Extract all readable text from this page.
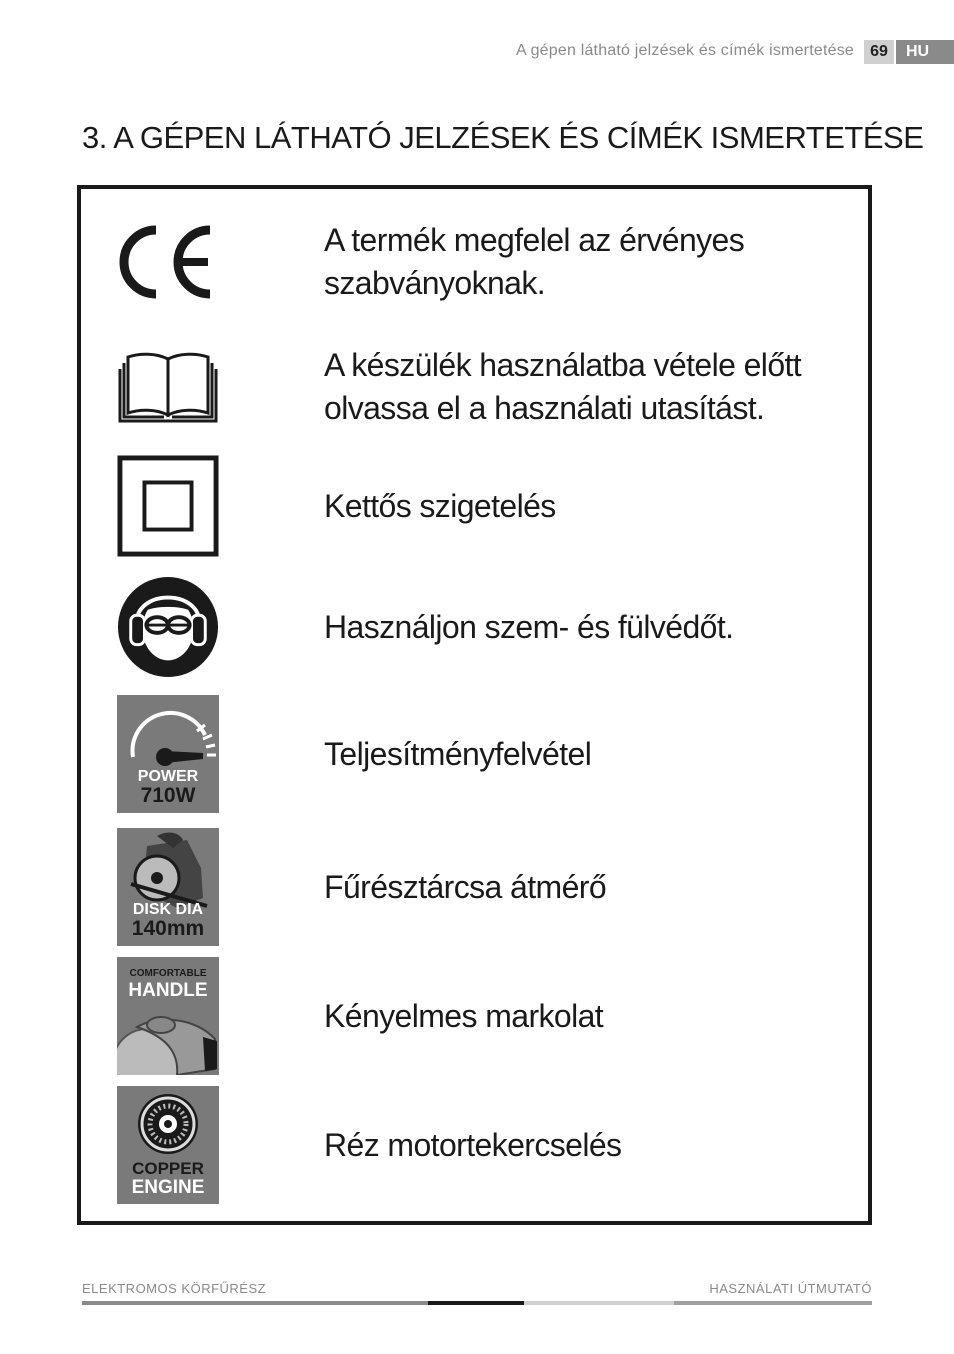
A gépen látható jelzések és címék ismertetése	69	HU
3. A GÉPEN LÁTHATÓ JELZÉSEK ÉS CÍMÉK ISMERTETÉSE
A termék megfelel az érvényes
szabványoknak.
A készülék használatba vétele előtt
olvassa el a használati utasítást.
Kettős szigetelés
Használjon szem- és fülvédőt.
POWER
710W
Teljesítményfelvétel
DISK DIA
140mm
Fűrésztárcsa átmérő
COMFORTABLE
HANDLE
Kényelmes markolat
COPPER
ENGINE
Réz motortekercselés
ELEKTROMOS KÖRFŰRÉSZ	HASZNÁLATI ÚTMUTATÓ
